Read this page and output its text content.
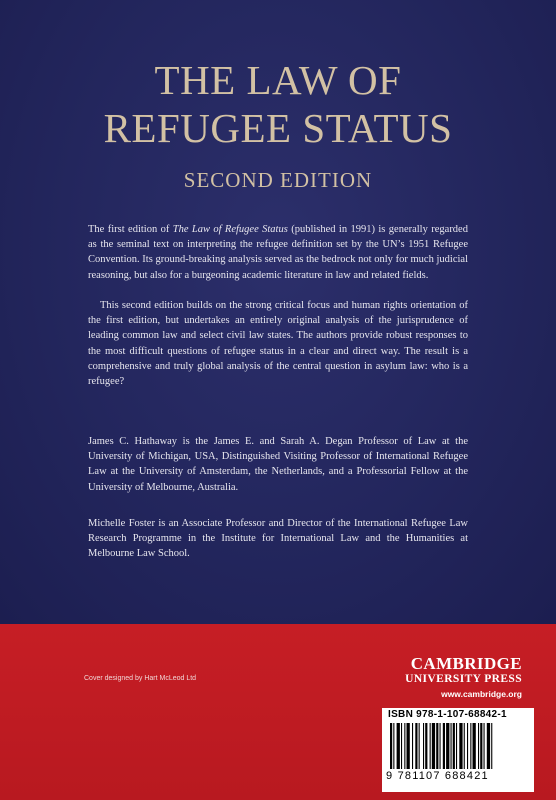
THE LAW OF
REFUGEE STATUS
SECOND EDITION

The first edition of The Law of Refugee Status (published in 1991) is generally regarded as the seminal text on interpreting the refugee definition set by the UN’s 1951 Refugee Convention. Its ground-breaking analysis served as the bedrock not only for much judicial reasoning, but also for a burgeoning academic literature in law and related fields.

This second edition builds on the strong critical focus and human rights orientation of the first edition, but undertakes an entirely original analysis of the jurisprudence of leading common law and select civil law states. The authors provide robust responses to the most difficult questions of refugee status in a clear and direct way. The result is a comprehensive and truly global analysis of the central question in asylum law: who is a refugee?

James C. Hathaway is the James E. and Sarah A. Degan Professor of Law at the University of Michigan, USA, Distinguished Visiting Professor of International Refugee Law at the University of Amsterdam, the Netherlands, and a Professorial Fellow at the University of Melbourne, Australia.

Michelle Foster is an Associate Professor and Director of the International Refugee Law Research Programme in the Institute for International Law and the Humanities at Melbourne Law School.

Cover designed by Hart McLeod Ltd
CAMBRIDGE
UNIVERSITY PRESS
www.cambridge.org
ISBN 978-1-107-68842-1
9 781107 688421
